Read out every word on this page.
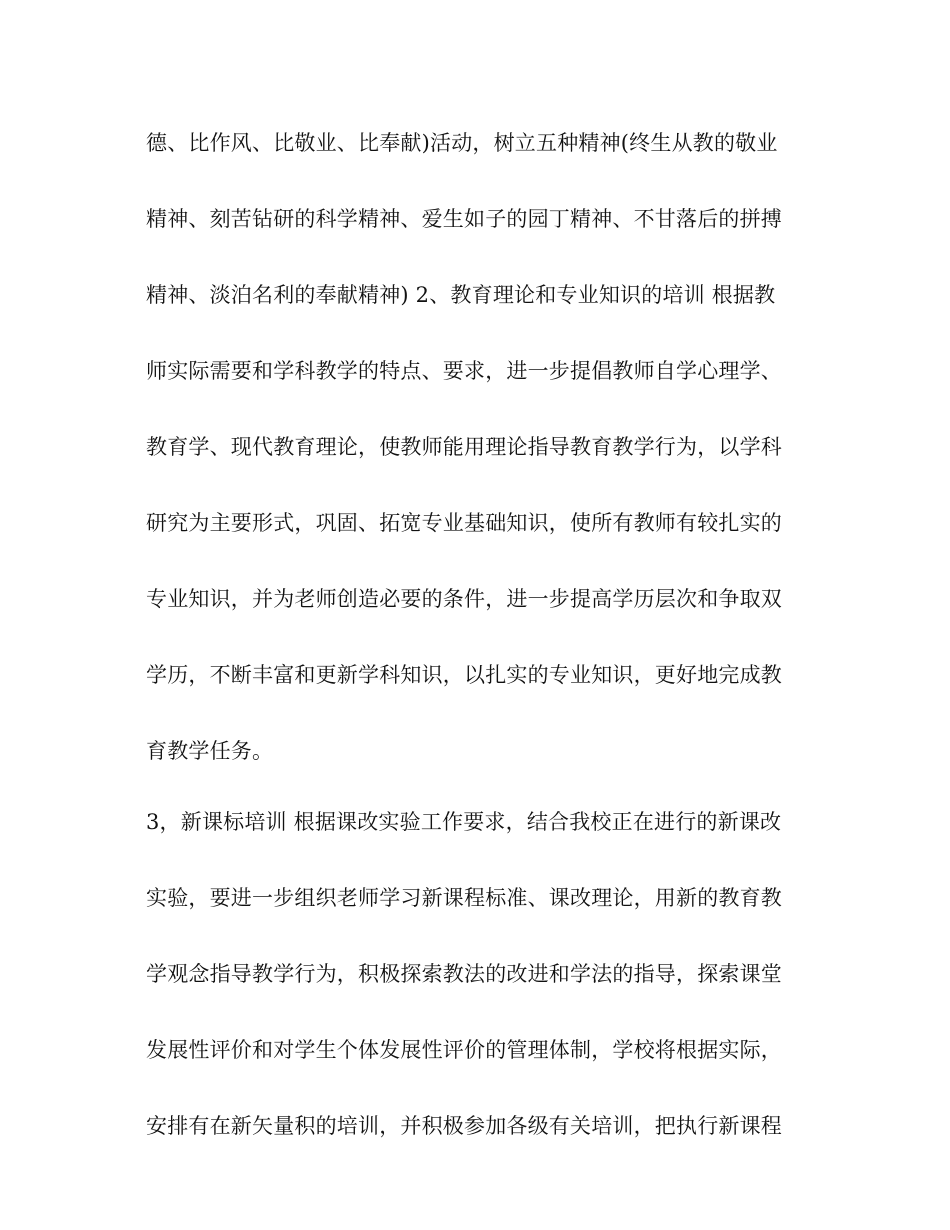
德、比作风、比敬业、比奉献)活动，树立五种精神(终生从教的敬业
精神、刻苦钻研的科学精神、爱生如子的园丁精神、不甘落后的拼搏
精神、淡泊名利的奉献精神) 2、教育理论和专业知识的培训 根据教
师实际需要和学科教学的特点、要求，进一步提倡教师自学心理学、
教育学、现代教育理论，使教师能用理论指导教育教学行为，以学科
研究为主要形式，巩固、拓宽专业基础知识，使所有教师有较扎实的
专业知识，并为老师创造必要的条件，进一步提高学历层次和争取双
学历，不断丰富和更新学科知识，以扎实的专业知识，更好地完成教
育教学任务。
3，新课标培训 根据课改实验工作要求，结合我校正在进行的新课改
实验，要进一步组织老师学习新课程标准、课改理论，用新的教育教
学观念指导教学行为，积极探索教法的改进和学法的指导，探索课堂
发展性评价和对学生个体发展性评价的管理体制，学校将根据实际，
安排有在新矢量积的培训，并积极参加各级有关培训，把执行新课程
